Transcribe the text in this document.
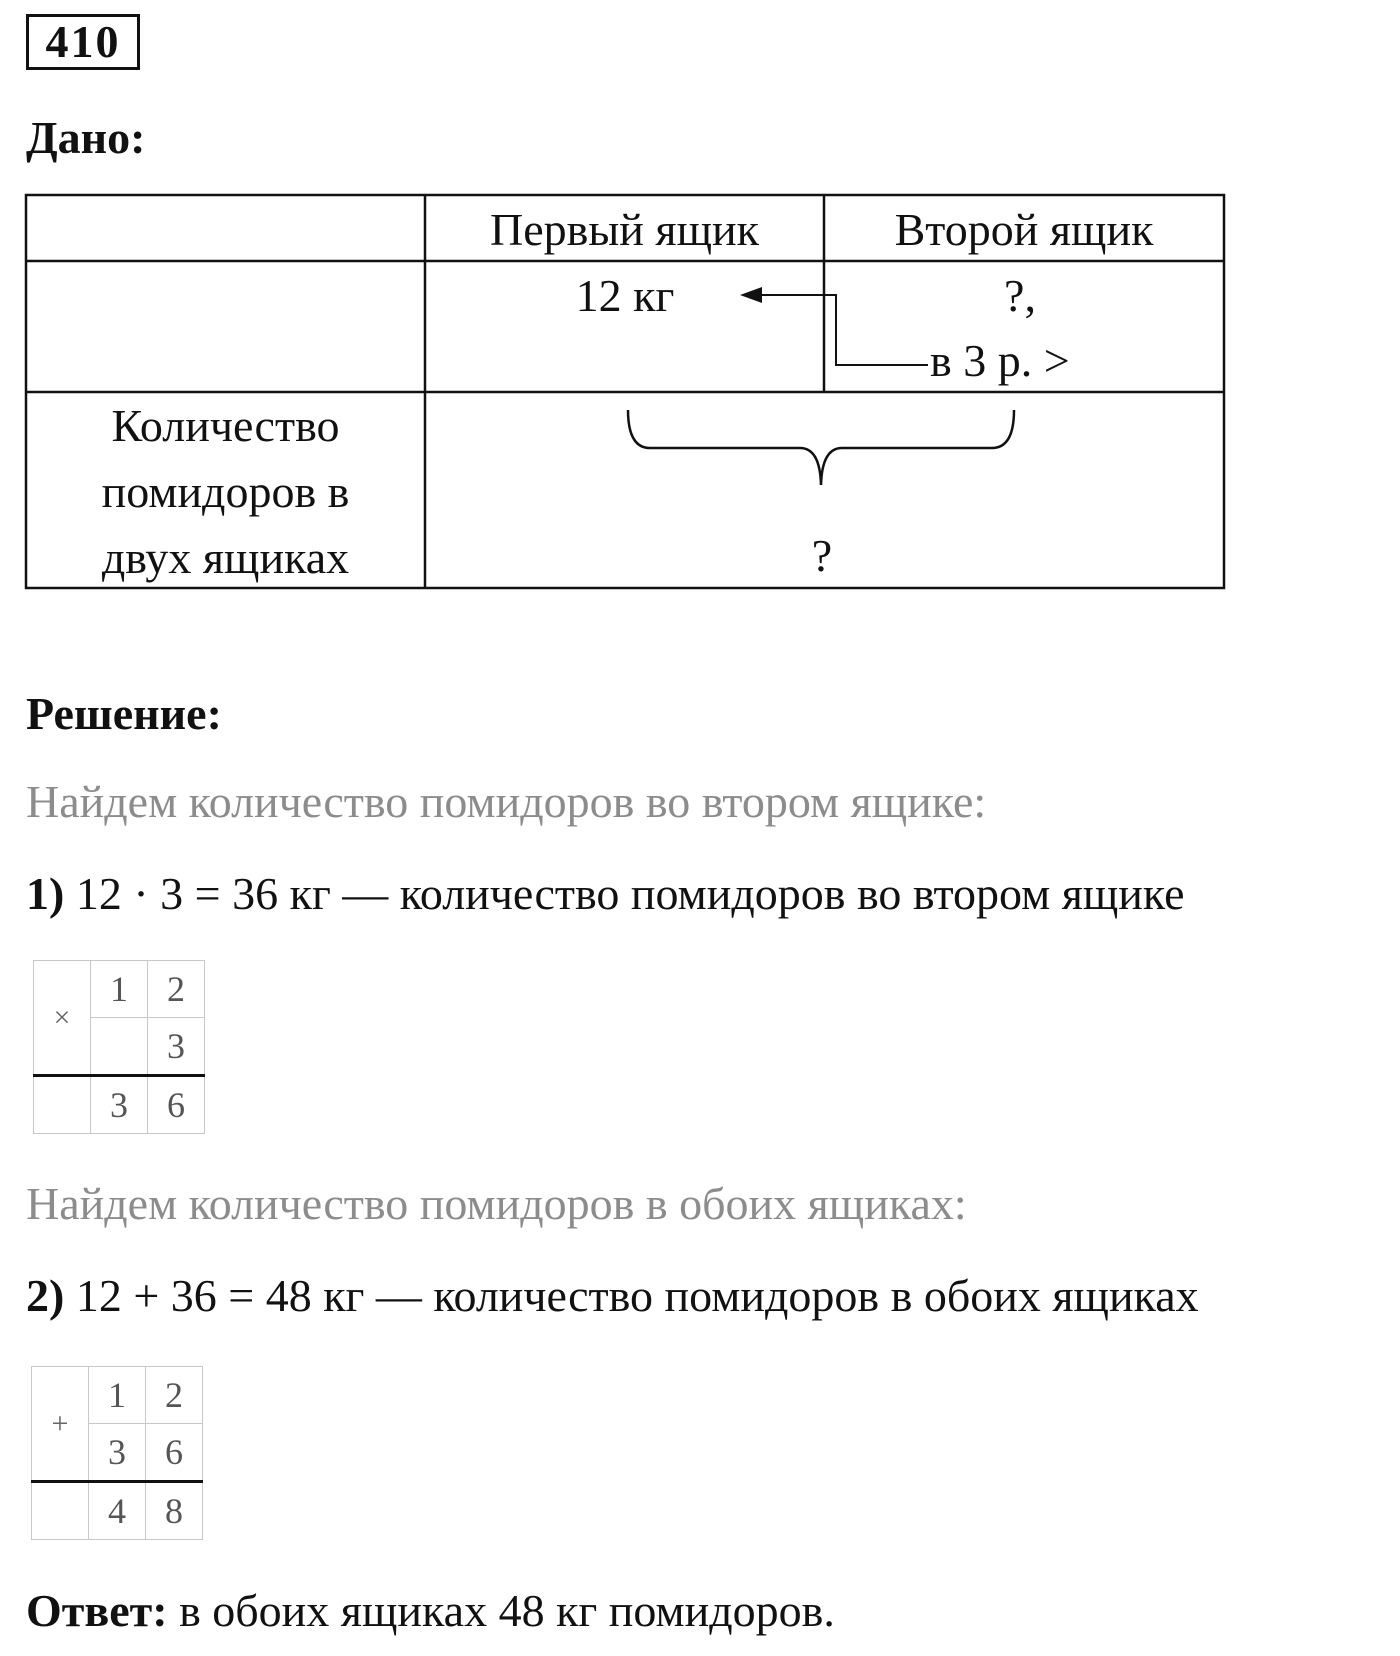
410
Дано:
Первый ящик	Второй ящик
12 кг	?,
в 3 р. >
Количество
помидоров в
двух ящиках	?
Решение:
Найдем количество помидоров во втором ящике:
1) 12 · 3 = 36 кг — количество помидоров во втором ящике
×	1	2
		3
	3	6
Найдем количество помидоров в обоих ящиках:
2) 12 + 36 = 48 кг — количество помидоров в обоих ящиках
+	1	2
	3	6
	4	8
Ответ: в обоих ящиках 48 кг помидоров.
